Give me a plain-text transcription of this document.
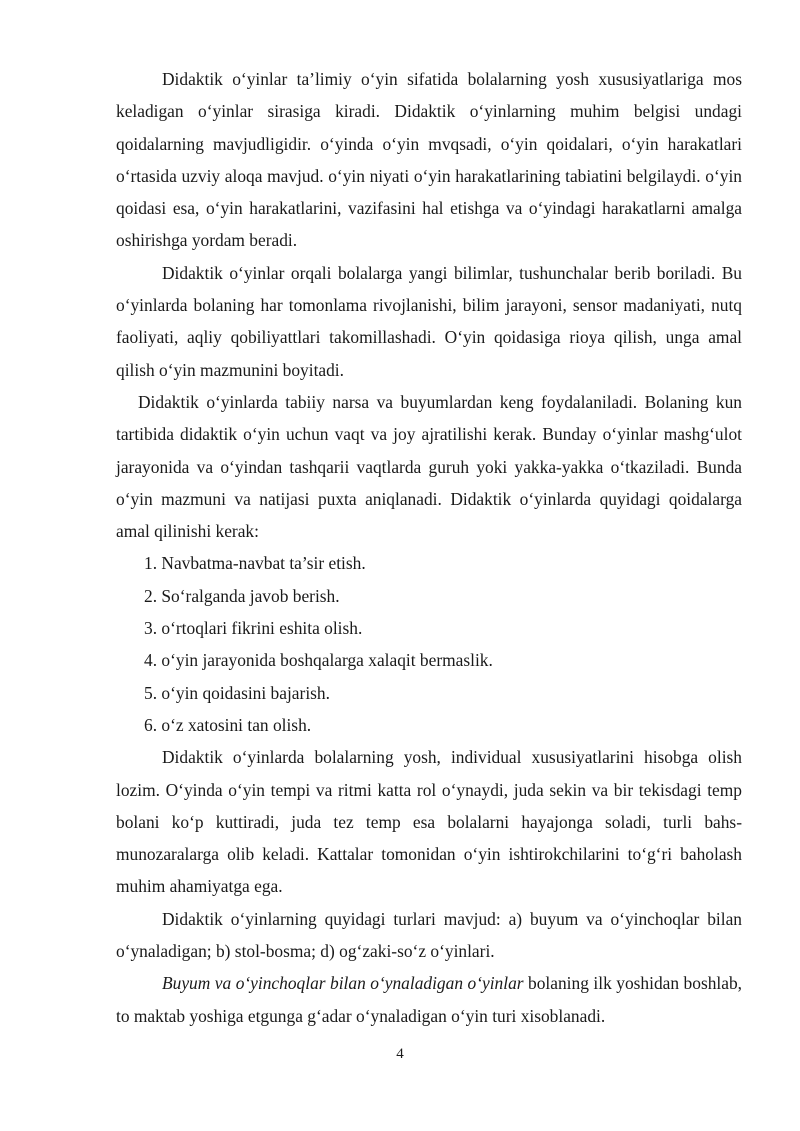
Didaktik o‘yinlar ta’limiy o‘yin sifatida bolalarning yosh xususiyatlariga mos keladigan o‘yinlar sirasiga kiradi. Didaktik o‘yinlarning muhim belgisi undagi qoidalarning mavjudligidir. o‘yinda o‘yin mvqsadi, o‘yin qoidalari, o‘yin harakatlari o‘rtasida uzviy aloqa mavjud. o‘yin niyati o‘yin harakatlarining tabiatini belgilaydi. o‘yin qoidasi esa, o‘yin harakatlarini, vazifasini hal etishga va o‘yindagi harakatlarni amalga oshirishga yordam beradi.

Didaktik o‘yinlar orqali bolalarga yangi bilimlar, tushunchalar berib boriladi. Bu o‘yinlarda bolaning har tomonlama rivojlanishi, bilim jarayoni, sensor madaniyati, nutq faoliyati, aqliy qobiliyattlari takomillashadi. O‘yin qoidasiga rioya qilish, unga amal qilish o‘yin mazmunini boyitadi.

Didaktik o‘yinlarda tabiiy narsa va buyumlardan keng foydalaniladi. Bolaning kun tartibida didaktik o‘yin uchun vaqt va joy ajratilishi kerak. Bunday o‘yinlar mashg‘ulot jarayonida va o‘yindan tashqarii vaqtlarda guruh yoki yakka-yakka o‘tkaziladi. Bunda o‘yin mazmuni va natijasi puxta aniqlanadi. Didaktik o‘yinlarda quyidagi qoidalarga amal qilinishi kerak:

1. Navbatma-navbat ta’sir etish.
2. So‘ralganda javob berish.
3. o‘rtoqlari fikrini eshita olish.
4. o‘yin jarayonida boshqalarga xalaqit bermaslik.
5. o‘yin qoidasini bajarish.
6. o‘z xatosini tan olish.

Didaktik o‘yinlarda bolalarning yosh, individual xususiyatlarini hisobga olish lozim. O‘yinda o‘yin tempi va ritmi katta rol o‘ynaydi, juda sekin va bir tekisdagi temp bolani ko‘p kuttiradi, juda tez temp esa bolalarni hayajonga soladi, turli bahs-munozaralarga olib keladi. Kattalar tomonidan o‘yin ishtirokchilarini to‘g‘ri baholash muhim ahamiyatga ega.

Didaktik o‘yinlarning quyidagi turlari mavjud: a) buyum va o‘yinchoqlar bilan o‘ynaladigan; b) stol-bosma; d) og‘zaki-so‘z o‘yinlari.

Buyum va o‘yinchoqlar bilan o‘ynaladigan o‘yinlar bolaning ilk yoshidan boshlab, to maktab yoshiga etgunga g‘adar o‘ynaladigan o‘yin turi xisoblanadi.

4
